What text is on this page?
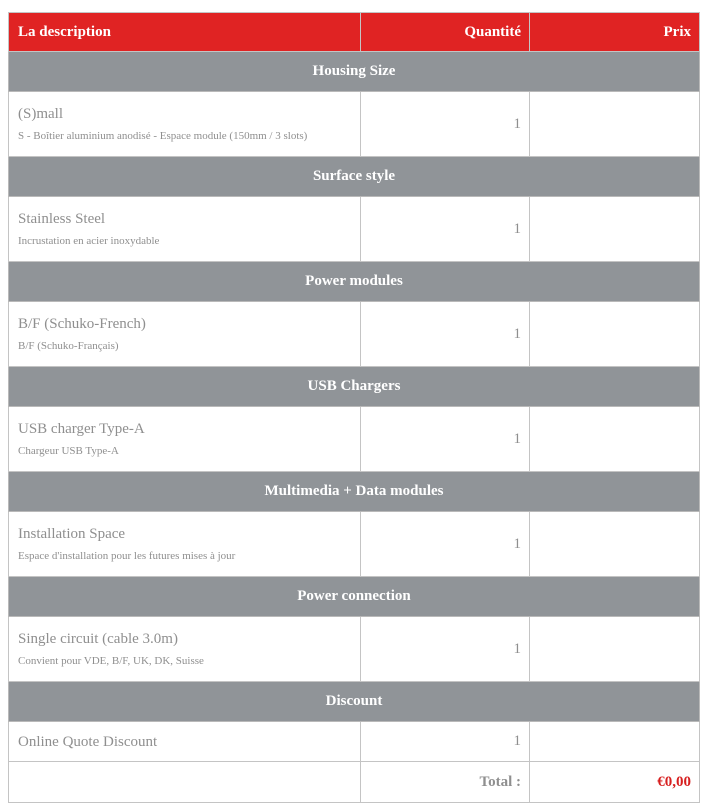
La description	Quantité	Prix
Housing Size		

(S)mall
S - Boîtier aluminium anodisé - Espace module (150mm / 3 slots)	1	
Surface style		

Stainless Steel
Incrustation en acier inoxydable	1	
Power modules		

B/F (Schuko-French)
B/F (Schuko-Français)	1	
USB Chargers		

USB charger Type-A
Chargeur USB Type-A	1	
Multimedia + Data modules		

Installation Space
Espace d'installation pour les futures mises à jour	1	
Power connection		

Single circuit (cable 3.0m)
Convient pour VDE, B/F, UK, DK, Suisse	1	
Discount		

Online Quote Discount	1	
	Total :	€0,00
